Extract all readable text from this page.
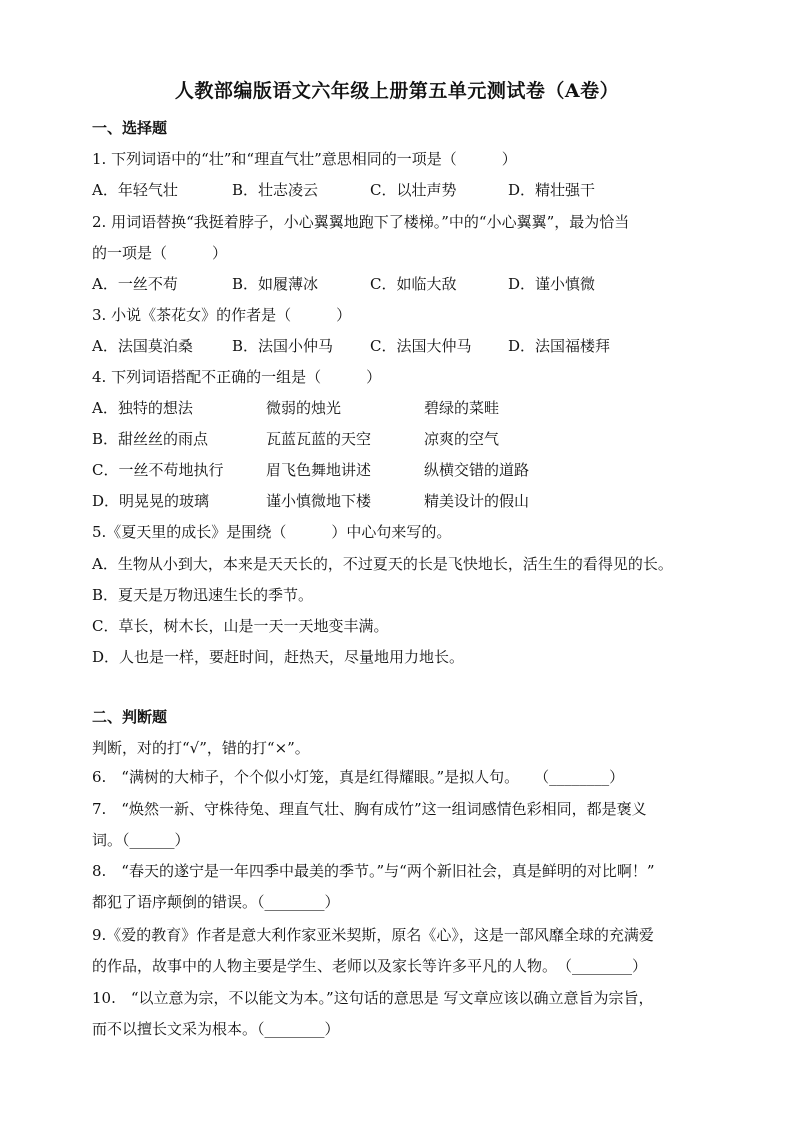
人教部编版语文六年级上册第五单元测试卷（A卷）
一、选择题
1. 下列词语中的“壮”和“理直气壮”意思相同的一项是（　　　）
A．年轻气壮	B．壮志凌云	C．以壮声势	D．精壮强干
2. 用词语替换“我挺着脖子，小心翼翼地跑下了楼梯。”中的“小心翼翼”，最为恰当
的一项是（　　　）
A．一丝不苟	B．如履薄冰	C．如临大敌	D．谨小慎微
3. 小说《茶花女》的作者是（　　　）
A．法国莫泊桑	B．法国小仲马 C．法国大仲马 D．法国福楼拜
4. 下列词语搭配不正确的一组是（　　　）
A．独特的想法	微弱的烛光	碧绿的菜畦
B．甜丝丝的雨点	瓦蓝瓦蓝的天空	凉爽的空气
C．一丝不苟地执行	眉飞色舞地讲述	纵横交错的道路
D．明晃晃的玻璃	谨小慎微地下楼	精美设计的假山
5.《夏天里的成长》是围绕（　　　）中心句来写的。
A．生物从小到大，本来是天天长的，不过夏天的长是飞快地长，活生生的看得见的长。
B．夏天是万物迅速生长的季节。
C．草长，树木长，山是一天一天地变丰满。
D．人也是一样，要赶时间，赶热天，尽量地用力地长。
二、判断题
判断，对的打“√”，错的打“×”。
6.　“满树的大柿子，个个似小灯笼，真是红得耀眼。”是拟人句。　　（________）
7.　“焕然一新、守株待兔、理直气壮、胸有成竹”这一组词感情色彩相同，都是褒义
词。（______）
8.　“春天的遂宁是一年四季中最美的季节。”与“两个新旧社会，真是鲜明的对比啊！”
都犯了语序颠倒的错误。（________）
9.《爱的教育》作者是意大利作家亚米契斯，原名《心》，这是一部风靡全球的充满爱
的作品，故事中的人物主要是学生、老师以及家长等许多平凡的人物。　（________）
10.　“以立意为宗，不以能文为本。”这句话的意思是 写文章应该以确立意旨为宗旨，
而不以擅长文采为根本。（________）
